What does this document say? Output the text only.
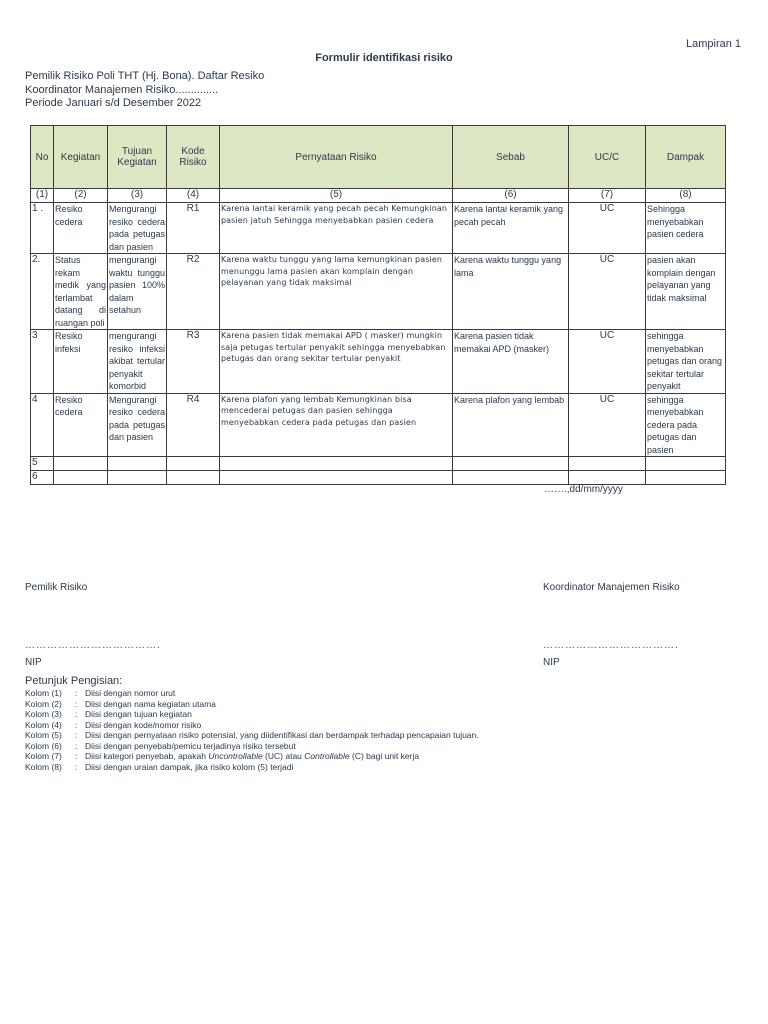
Lampiran 1
Formulir identifikasi risiko
Pemilik Risiko Poli THT (Hj. Bona). Daftar Resiko
Koordinator Manajemen Risiko..............
Periode Januari s/d Desember 2022
No	Kegiatan	Tujuan Kegiatan	Kode Risiko	Pernyataan Risiko	Sebab	UC/C	Dampak
(1)	(2)	(3)	(4)	(5)	(6)	(7)	(8)
1 .	Resiko cedera	Mengurangi resiko cedera pada petugas dan pasien	R1	Karena lantai keramik yang pecah pecah Kemungkinan pasien jatuh Sehingga menyebabkan pasien cedera	Karena lantai keramik yang pecah pecah	UC	Sehingga menyebabkan pasien cedera
2.	Status rekam medik yang terlambat datang di ruangan poli	mengurangi waktu tunggu pasien 100% dalam setahun	R2	Karena waktu tunggu yang lama kemungkinan pasien menunggu lama pasien akan komplain dengan pelayanan yang tidak maksimal	Karena waktu tunggu yang lama	UC	pasien akan komplain dengan pelayanan yang tidak maksimal
3	Resiko infeksi	mengurangi resiko infeksi akibat tertular penyakit komorbid	R3	Karena pasien tidak memakai APD ( masker) mungkin saja petugas tertular penyakit sehingga menyebabkan petugas dan orang sekitar tertular penyakit	Karena pasien tidak memakai APD (masker)	UC	sehingga menyebabkan petugas dan orang sekitar tertular penyakit
4	Resiko cedera	Mengurangi resiko cedera pada petugas dan pasien	R4	Karena plafon yang lembab Kemungkinan bisa mencederai petugas dan pasien sehingga menyebabkan cedera pada petugas dan pasien	Karena plafon yang lembab	UC	sehingga menyebabkan cedera pada petugas dan pasien
5							
6							
…….,dd/mm/yyyy
Pemilik Risiko	Koordinator Manajemen Risiko
……………………………….	……………………………….
NIP	NIP
Petunjuk Pengisian:
Kolom (1)	: Diisi dengan nomor urut
Kolom (2)	: Diisi dengan nama kegiatan utama
Kolom (3)	: Diisi dengan tujuan kegiatan
Kolom (4)	: Diisi dengan kode/nomor risiko
Kolom (5)	: Diisi dengan pernyataan risiko potensial, yang diidentifikasi dan berdampak terhadap pencapaian tujuan.
Kolom (6)	: Diisi dengan penyebab/pemicu terjadinya risiko tersebut
Kolom (7)	: Diisi kategori penyebab, apakah Uncontrollable (UC) atau Controllable (C) bagi unit kerja
Kolom (8)	: Diisi dengan uraian dampak, jika risiko kolom (5) terjadi
